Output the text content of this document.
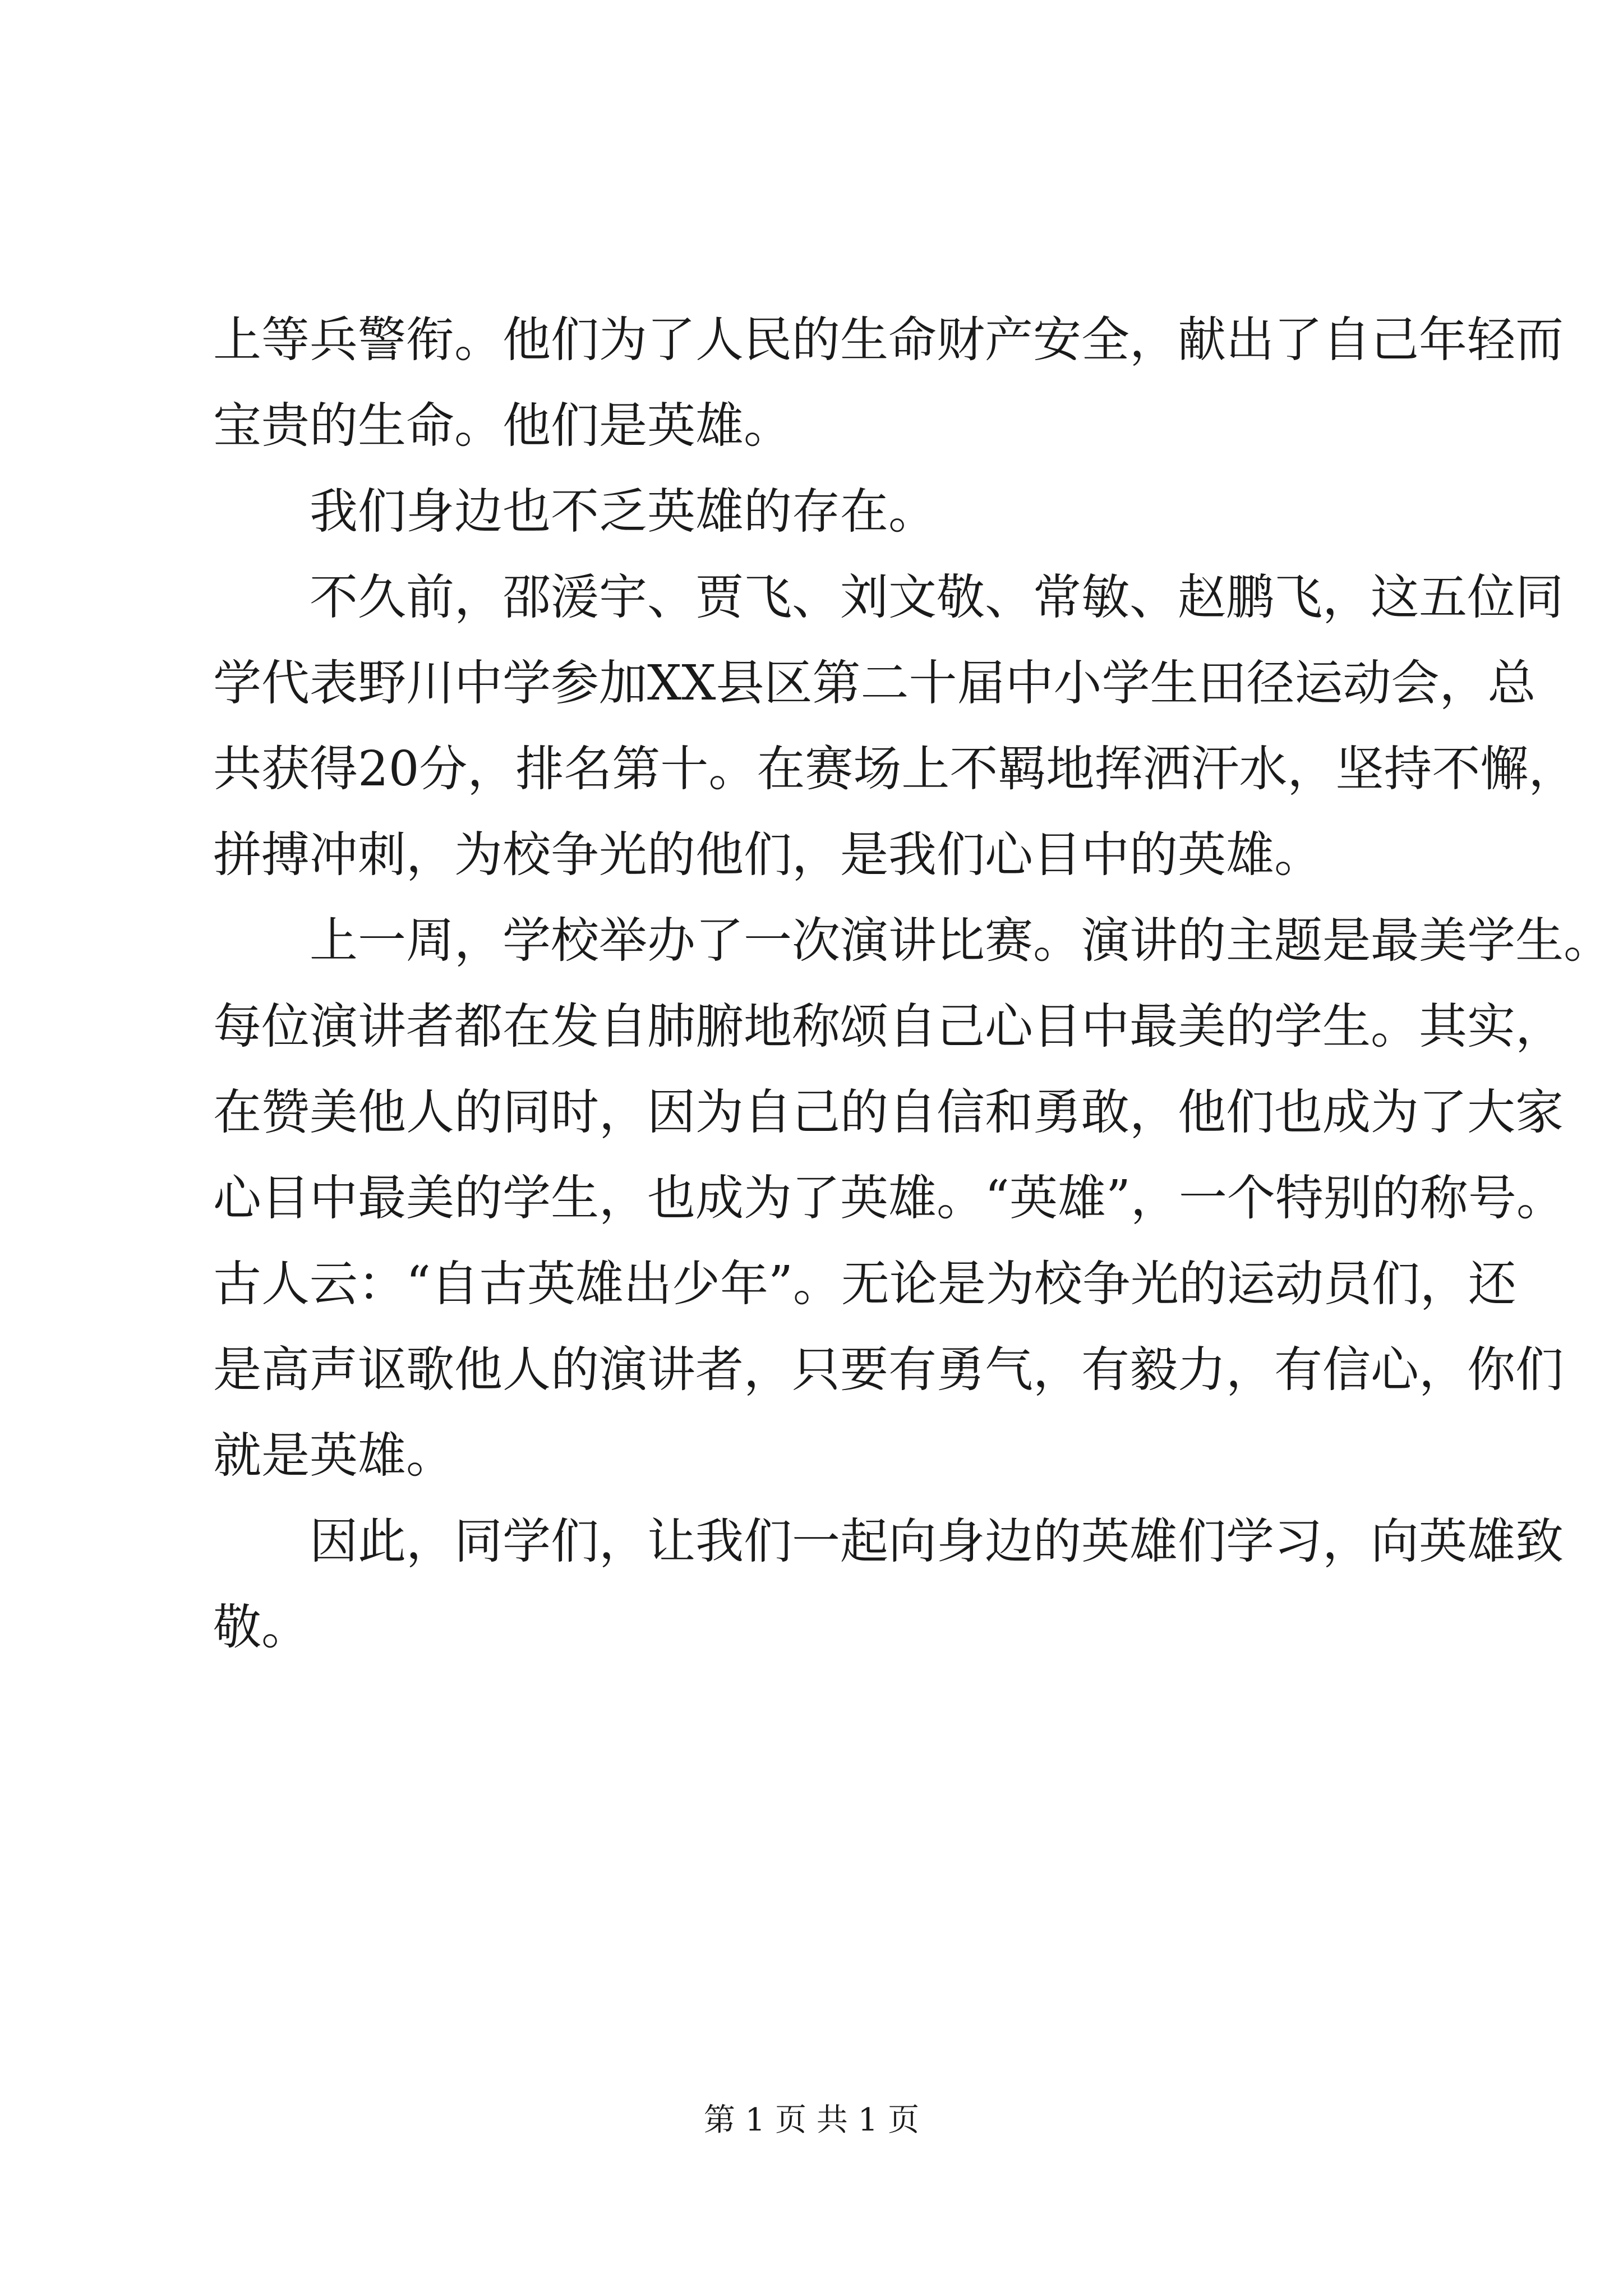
上等兵警衔。他们为了人民的生命财产安全，献出了自己年轻而
宝贵的生命。他们是英雄。
我们身边也不乏英雄的存在。
不久前，邵湲宇、贾飞、刘文敬、常敏、赵鹏飞，这五位同
学代表野川中学参加XX县区第二十届中小学生田径运动会，总
共获得20分，排名第十。在赛场上不羁地挥洒汗水，坚持不懈，
拼搏冲刺，为校争光的他们，是我们心目中的英雄。
上一周，学校举办了一次演讲比赛。演讲的主题是最美学生。
每位演讲者都在发自肺腑地称颂自己心目中最美的学生。其实，
在赞美他人的同时，因为自己的自信和勇敢，他们也成为了大家
心目中最美的学生，也成为了英雄。“英雄”，一个特别的称号。
古人云：“自古英雄出少年”。无论是为校争光的运动员们，还
是高声讴歌他人的演讲者，只要有勇气，有毅力，有信心，你们
就是英雄。
因此，同学们，让我们一起向身边的英雄们学习，向英雄致
敬。
第 1 页 共 1 页
